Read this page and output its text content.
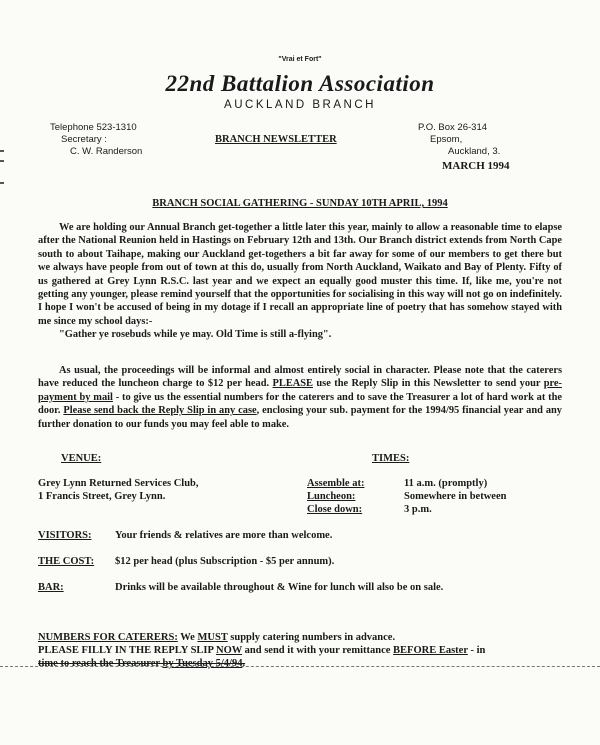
"Vrai et Fort"
22nd Battalion Association
AUCKLAND BRANCH
Telephone 523-1310
Secretary :
C. W. Randerson
BRANCH NEWSLETTER
P.O. Box 26-314
Epsom,
Auckland, 3.
MARCH 1994
BRANCH SOCIAL GATHERING - SUNDAY 10TH APRIL, 1994

We are holding our Annual Branch get-together a little later this year, mainly to allow a reasonable time to elapse after the National Reunion held in Hastings on February 12th and 13th. Our Branch district extends from North Cape south to about Taihape, making our Auckland get-togethers a bit far away for some of our members to get there but we always have people from out of town at this do, usually from North Auckland, Waikato and Bay of Plenty. Fifty of us gathered at Grey Lynn R.S.C. last year and we expect an equally good muster this time. If, like me, you're not getting any younger, please remind yourself that the opportunities for socialising in this way will not go on indefinitely. I hope I won't be accused of being in my dotage if I recall an appropriate line of poetry that has somehow stayed with me since my school days:-

"Gather ye rosebuds while ye may. Old Time is still a-flying".

As usual, the proceedings will be informal and almost entirely social in character. Please note that the caterers have reduced the luncheon charge to $12 per head. PLEASE use the Reply Slip in this Newsletter to send your pre-payment by mail - to give us the essential numbers for the caterers and to save the Treasurer a lot of hard work at the door. Please send back the Reply Slip in any case, enclosing your sub. payment for the 1994/95 financial year and any further donation to our funds you may feel able to make.

VENUE:
Grey Lynn Returned Services Club,
1 Francis Street, Grey Lynn.
TIMES:
Assemble at:	11 a.m. (promptly)
Luncheon:	Somewhere in between
Close down:	3 p.m.
VISITORS: Your friends & relatives are more than welcome.
THE COST: $12 per head (plus Subscription - $5 per annum).
BAR:	Drinks will be available throughout & Wine for lunch will also be on sale.
NUMBERS FOR CATERERS: We MUST supply catering numbers in advance.
PLEASE FILLY IN THE REPLY SLIP NOW and send it with your remittance BEFORE Easter - in
time to reach the Treasurer by Tuesday 5/4/94.
